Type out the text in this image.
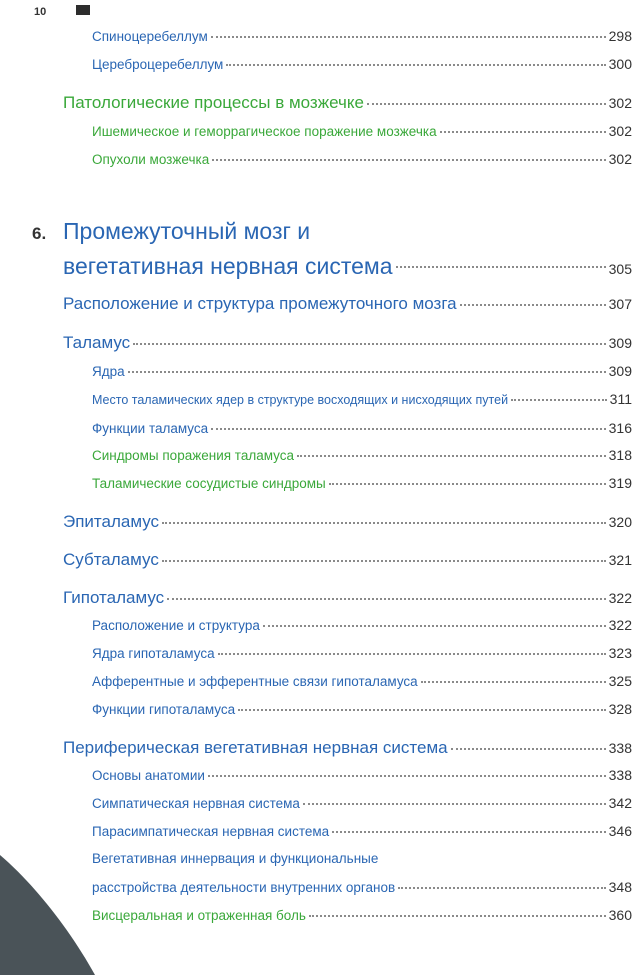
10
Спиноцеребеллум	298
Цереброцеребеллум	300
Патологические процессы в мозжечке	302
Ишемическое и геморрагическое поражение мозжечка	302
Опухоли мозжечка	302
6. Промежуточный мозг и
вегетативная нервная система	305
Расположение и структура промежуточного мозга	307
Таламус	309
Ядра	309
Место таламических ядер в структуре восходящих и нисходящих путей	311
Функции таламуса	316
Синдромы поражения таламуса	318
Таламические сосудистые синдромы	319
Эпиталамус	320
Субталамус	321
Гипоталамус	322
Расположение и структура	322
Ядра гипоталамуса	323
Афферентные и эфферентные связи гипоталамуса	325
Функции гипоталамуса	328
Периферическая вегетативная нервная система	338
Основы анатомии	338
Симпатическая нервная система	342
Парасимпатическая нервная система	346
Вегетативная иннервация и функциональные
расстройства деятельности внутренних органов	348
Висцеральная и отраженная боль	360
